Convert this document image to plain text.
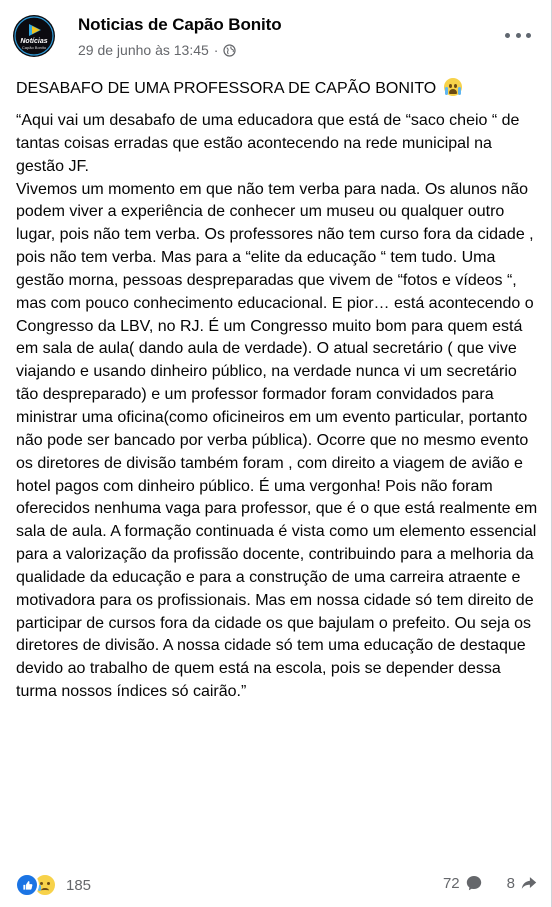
Notícias
Capão Bonito
Noticias de Capão Bonito
29 de junho às 13:45 ·
DESABAFO DE UMA PROFESSORA DE CAPÃO BONITO

“Aqui vai um desabafo de uma educadora que está de “saco cheio “ de tantas coisas erradas que estão acontecendo na rede municipal na gestão JF.

Vivemos um momento em que não tem verba para nada. Os alunos não podem viver a experiência de conhecer um museu ou qualquer outro lugar, pois não tem verba. Os professores não tem curso fora da cidade , pois não tem verba. Mas para a “elite da educação “ tem tudo. Uma gestão morna, pessoas despreparadas que vivem de “fotos e vídeos “, mas com pouco conhecimento educacional. E pior… está acontecendo o Congresso da LBV, no RJ. É um Congresso muito bom para quem está em sala de aula( dando aula de verdade). O atual secretário ( que vive viajando e usando dinheiro público, na verdade nunca vi um secretário tão despreparado) e um professor formador foram convidados para ministrar uma oficina(como oficineiros em um evento particular, portanto não pode ser bancado por verba pública). Ocorre que no mesmo evento os diretores de divisão também foram , com direito a viagem de avião e hotel pagos com dinheiro público. É uma vergonha! Pois não foram oferecidos nenhuma vaga para professor, que é o que está realmente em sala de aula. A formação continuada é vista como um elemento essencial para a valorização da profissão docente, contribuindo para a melhoria da qualidade da educação e para a construção de uma carreira atraente e motivadora para os profissionais. Mas em nossa cidade só tem direito de participar de cursos fora da cidade os que bajulam o prefeito. Ou seja os diretores de divisão. A nossa cidade só tem uma educação de destaque devido ao trabalho de quem está na escola, pois se depender dessa turma nossos índices só cairão.”

185	72	8
